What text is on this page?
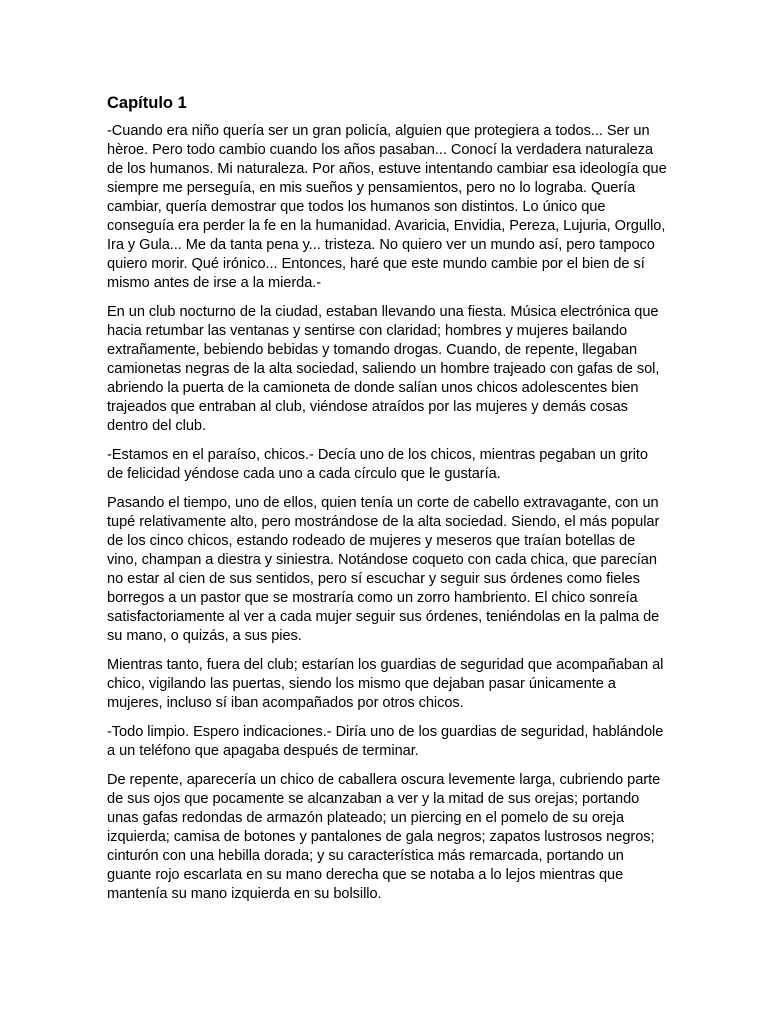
Capítulo 1

-Cuando era niño quería ser un gran policía, alguien que protegiera a todos... Ser un hèroe. Pero todo cambio cuando los años pasaban... Conocí la verdadera naturaleza de los humanos. Mi naturaleza. Por años, estuve intentando cambiar esa ideología que siempre me perseguía, en mis sueños y pensamientos, pero no lo lograba. Quería cambiar, quería demostrar que todos los humanos son distintos. Lo único que conseguía era perder la fe en la humanidad. Avaricia, Envidia, Pereza, Lujuria, Orgullo, Ira y Gula... Me da tanta pena y... tristeza. No quiero ver un mundo así, pero tampoco quiero morir. Qué irónico... Entonces, haré que este mundo cambie por el bien de sí mismo antes de irse a la mierda.-

En un club nocturno de la ciudad, estaban llevando una fiesta. Música electrónica que hacia retumbar las ventanas y sentirse con claridad; hombres y mujeres bailando extrañamente, bebiendo bebidas y tomando drogas. Cuando, de repente, llegaban camionetas negras de la alta sociedad, saliendo un hombre trajeado con gafas de sol, abriendo la puerta de la camioneta de donde salían unos chicos adolescentes bien trajeados que entraban al club, viéndose atraídos por las mujeres y demás cosas dentro del club.

-Estamos en el paraíso, chicos.- Decía uno de los chicos, mientras pegaban un grito de felicidad yéndose cada uno a cada círculo que le gustaría.

Pasando el tiempo, uno de ellos, quien tenía un corte de cabello extravagante, con un tupé relativamente alto, pero mostrándose de la alta sociedad. Siendo, el más popular de los cinco chicos, estando rodeado de mujeres y meseros que traían botellas de vino, champan a diestra y siniestra. Notándose coqueto con cada chica, que parecían no estar al cien de sus sentidos, pero sí escuchar y seguir sus órdenes como fieles borregos a un pastor que se mostraría como un zorro hambriento. El chico sonreía satisfactoriamente al ver a cada mujer seguir sus órdenes, teniéndolas en la palma de su mano, o quizás, a sus pies.

Mientras tanto, fuera del club; estarían los guardias de seguridad que acompañaban al chico, vigilando las puertas, siendo los mismo que dejaban pasar únicamente a mujeres, incluso sí iban acompañados por otros chicos.

-Todo limpio. Espero indicaciones.- Diría uno de los guardias de seguridad, hablándole a un teléfono que apagaba después de terminar.

De repente, aparecería un chico de caballera oscura levemente larga, cubriendo parte de sus ojos que pocamente se alcanzaban a ver y la mitad de sus orejas; portando unas gafas redondas de armazón plateado; un piercing en el pomelo de su oreja izquierda; camisa de botones y pantalones de gala negros; zapatos lustrosos negros; cinturón con una hebilla dorada; y su característica más remarcada, portando un guante rojo escarlata en su mano derecha que se notaba a lo lejos mientras que mantenía su mano izquierda en su bolsillo.
